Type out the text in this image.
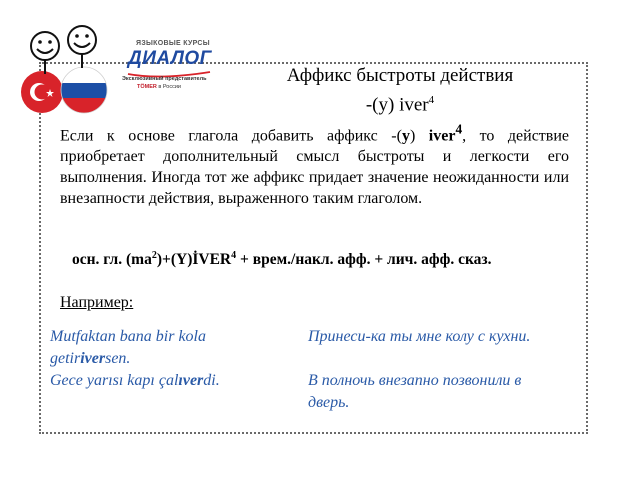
ЯЗЫКОВЫЕ КУРСЫ
ДИАЛОГ
Эксклюзивный представитель
TÖMER в России
Аффикс быстроты действия
-(y) iver$^4$
Если к основе глагола добавить аффикс -(y) iver$^4$, то действие приобретает дополнительный смысл быстроты и легкости его выполнения. Иногда тот же аффикс придает значение неожиданности или внезапности действия, выраженного таким глаголом.
осн. гл. $(ma^2)+(Y)İVER^4$ + врем./накл. афф. + лич. афф. сказ.
Например:
Mutfaktan bana bir kola
getiriversen.
Принеси-ка ты мне колу с кухни.
Gece yarısı kapı çalıverdi.	В полночь внезапно позвонили в
дверь.
